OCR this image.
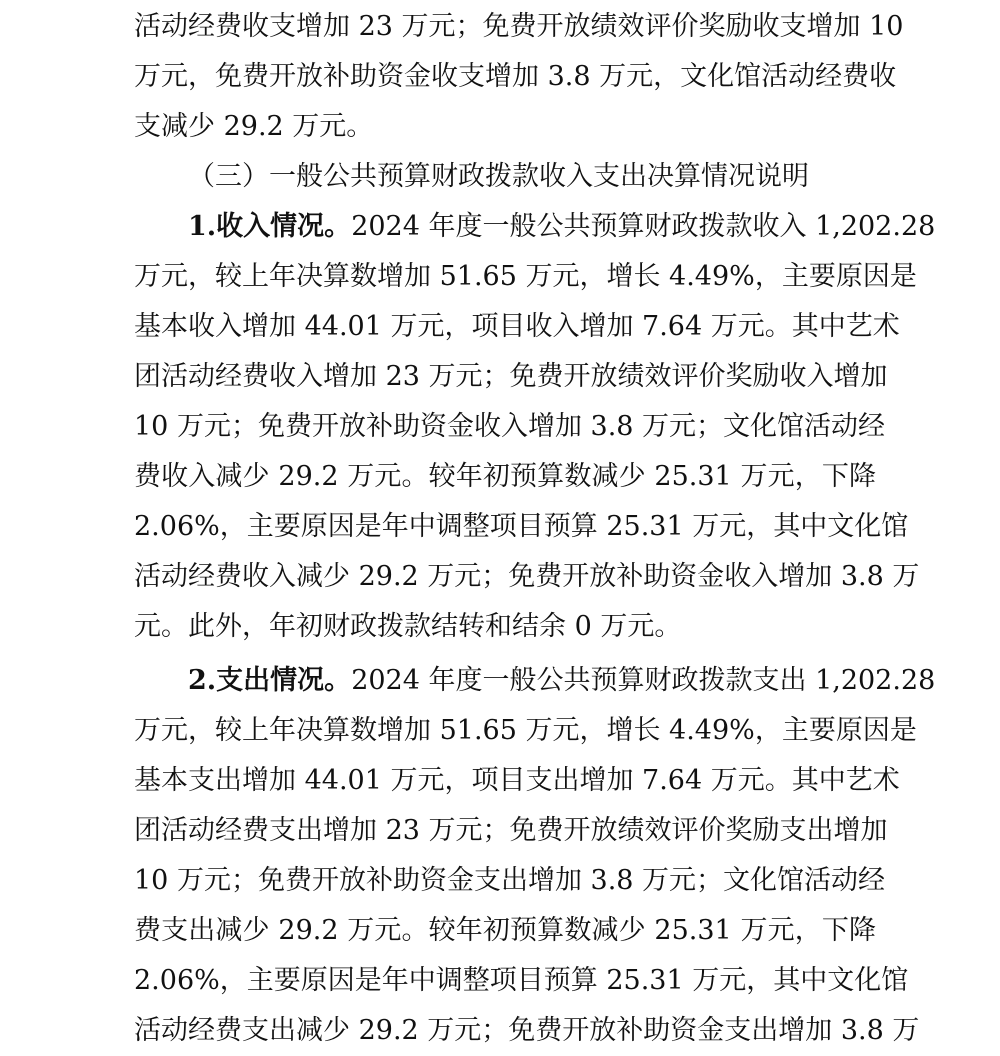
活动经费收支增加 23 万元；免费开放绩效评价奖励收支增加 10

万元，免费开放补助资金收支增加 3.8 万元，文化馆活动经费收

支减少 29.2 万元。

（三）一般公共预算财政拨款收入支出决算情况说明

1.收入情况。2024 年度一般公共预算财政拨款收入 1,202.28

万元，较上年决算数增加 51.65 万元，增长 4.49%，主要原因是

基本收入增加 44.01 万元，项目收入增加 7.64 万元。其中艺术

团活动经费收入增加 23 万元；免费开放绩效评价奖励收入增加

10 万元；免费开放补助资金收入增加 3.8 万元；文化馆活动经

费收入减少 29.2 万元。较年初预算数减少 25.31 万元，下降

2.06%，主要原因是年中调整项目预算 25.31 万元，其中文化馆

活动经费收入减少 29.2 万元；免费开放补助资金收入增加 3.8 万

元。此外，年初财政拨款结转和结余 0 万元。

2.支出情况。2024 年度一般公共预算财政拨款支出 1,202.28

万元，较上年决算数增加 51.65 万元，增长 4.49%，主要原因是

基本支出增加 44.01 万元，项目支出增加 7.64 万元。其中艺术

团活动经费支出增加 23 万元；免费开放绩效评价奖励支出增加

10 万元；免费开放补助资金支出增加 3.8 万元；文化馆活动经

费支出减少 29.2 万元。较年初预算数减少 25.31 万元，下降

2.06%，主要原因是年中调整项目预算 25.31 万元，其中文化馆

活动经费支出减少 29.2 万元；免费开放补助资金支出增加 3.8 万
